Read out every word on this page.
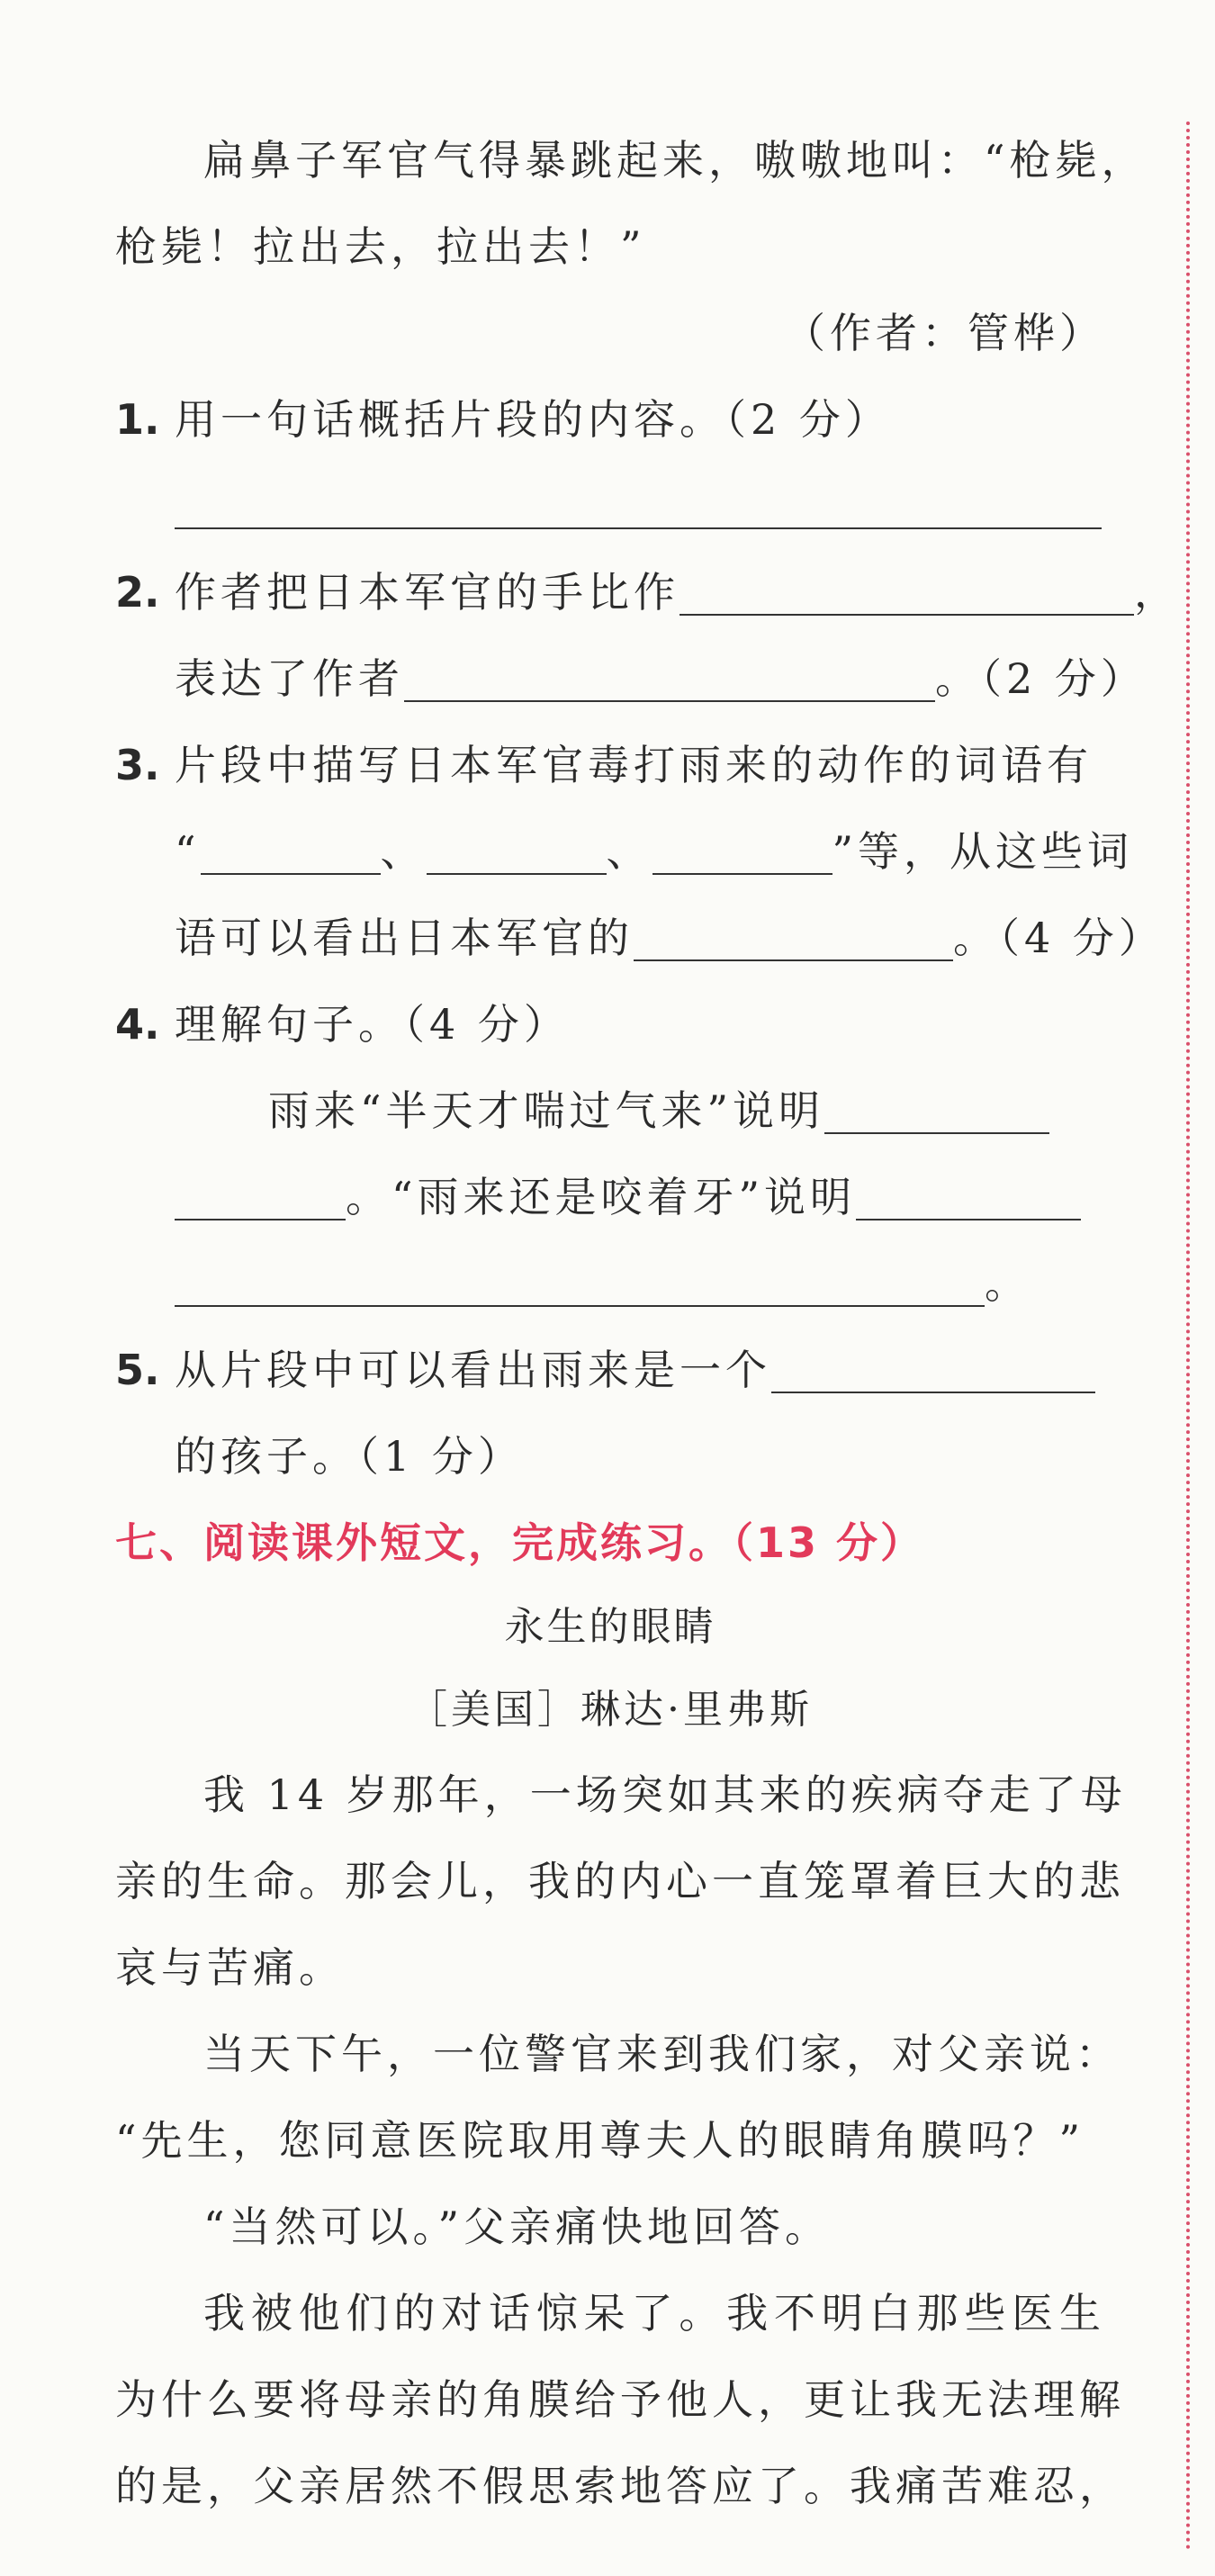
扁鼻子军官气得暴跳起来，嗷嗷地叫：“枪毙，
枪毙！拉出去，拉出去！”
（作者：管桦）
1. 用一句话概括片段的内容。（2 分）
2. 作者把日本军官的手比作	，
表达了作者	。（2 分）
3. 片段中描写日本军官毒打雨来的动作的词语有
“	、	、	”等，从这些词
语可以看出日本军官的	。（4 分）
4. 理解句子。（4 分）
雨来“半天才喘过气来”说明
。“雨来还是咬着牙”说明
。
5. 从片段中可以看出雨来是一个
的孩子。（1 分）
七、阅读课外短文，完成练习。（13 分）
永生的眼睛
［美国］琳达·里弗斯
我 14 岁那年，一场突如其来的疾病夺走了母
亲的生命。那会儿，我的内心一直笼罩着巨大的悲
哀与苦痛。
当天下午，一位警官来到我们家，对父亲说：
“先生，您同意医院取用尊夫人的眼睛角膜吗？”
“当然可以。”父亲痛快地回答。
我被他们的对话惊呆了。我不明白那些医生
为什么要将母亲的角膜给予他人，更让我无法理解
的是，父亲居然不假思索地答应了。我痛苦难忍，
